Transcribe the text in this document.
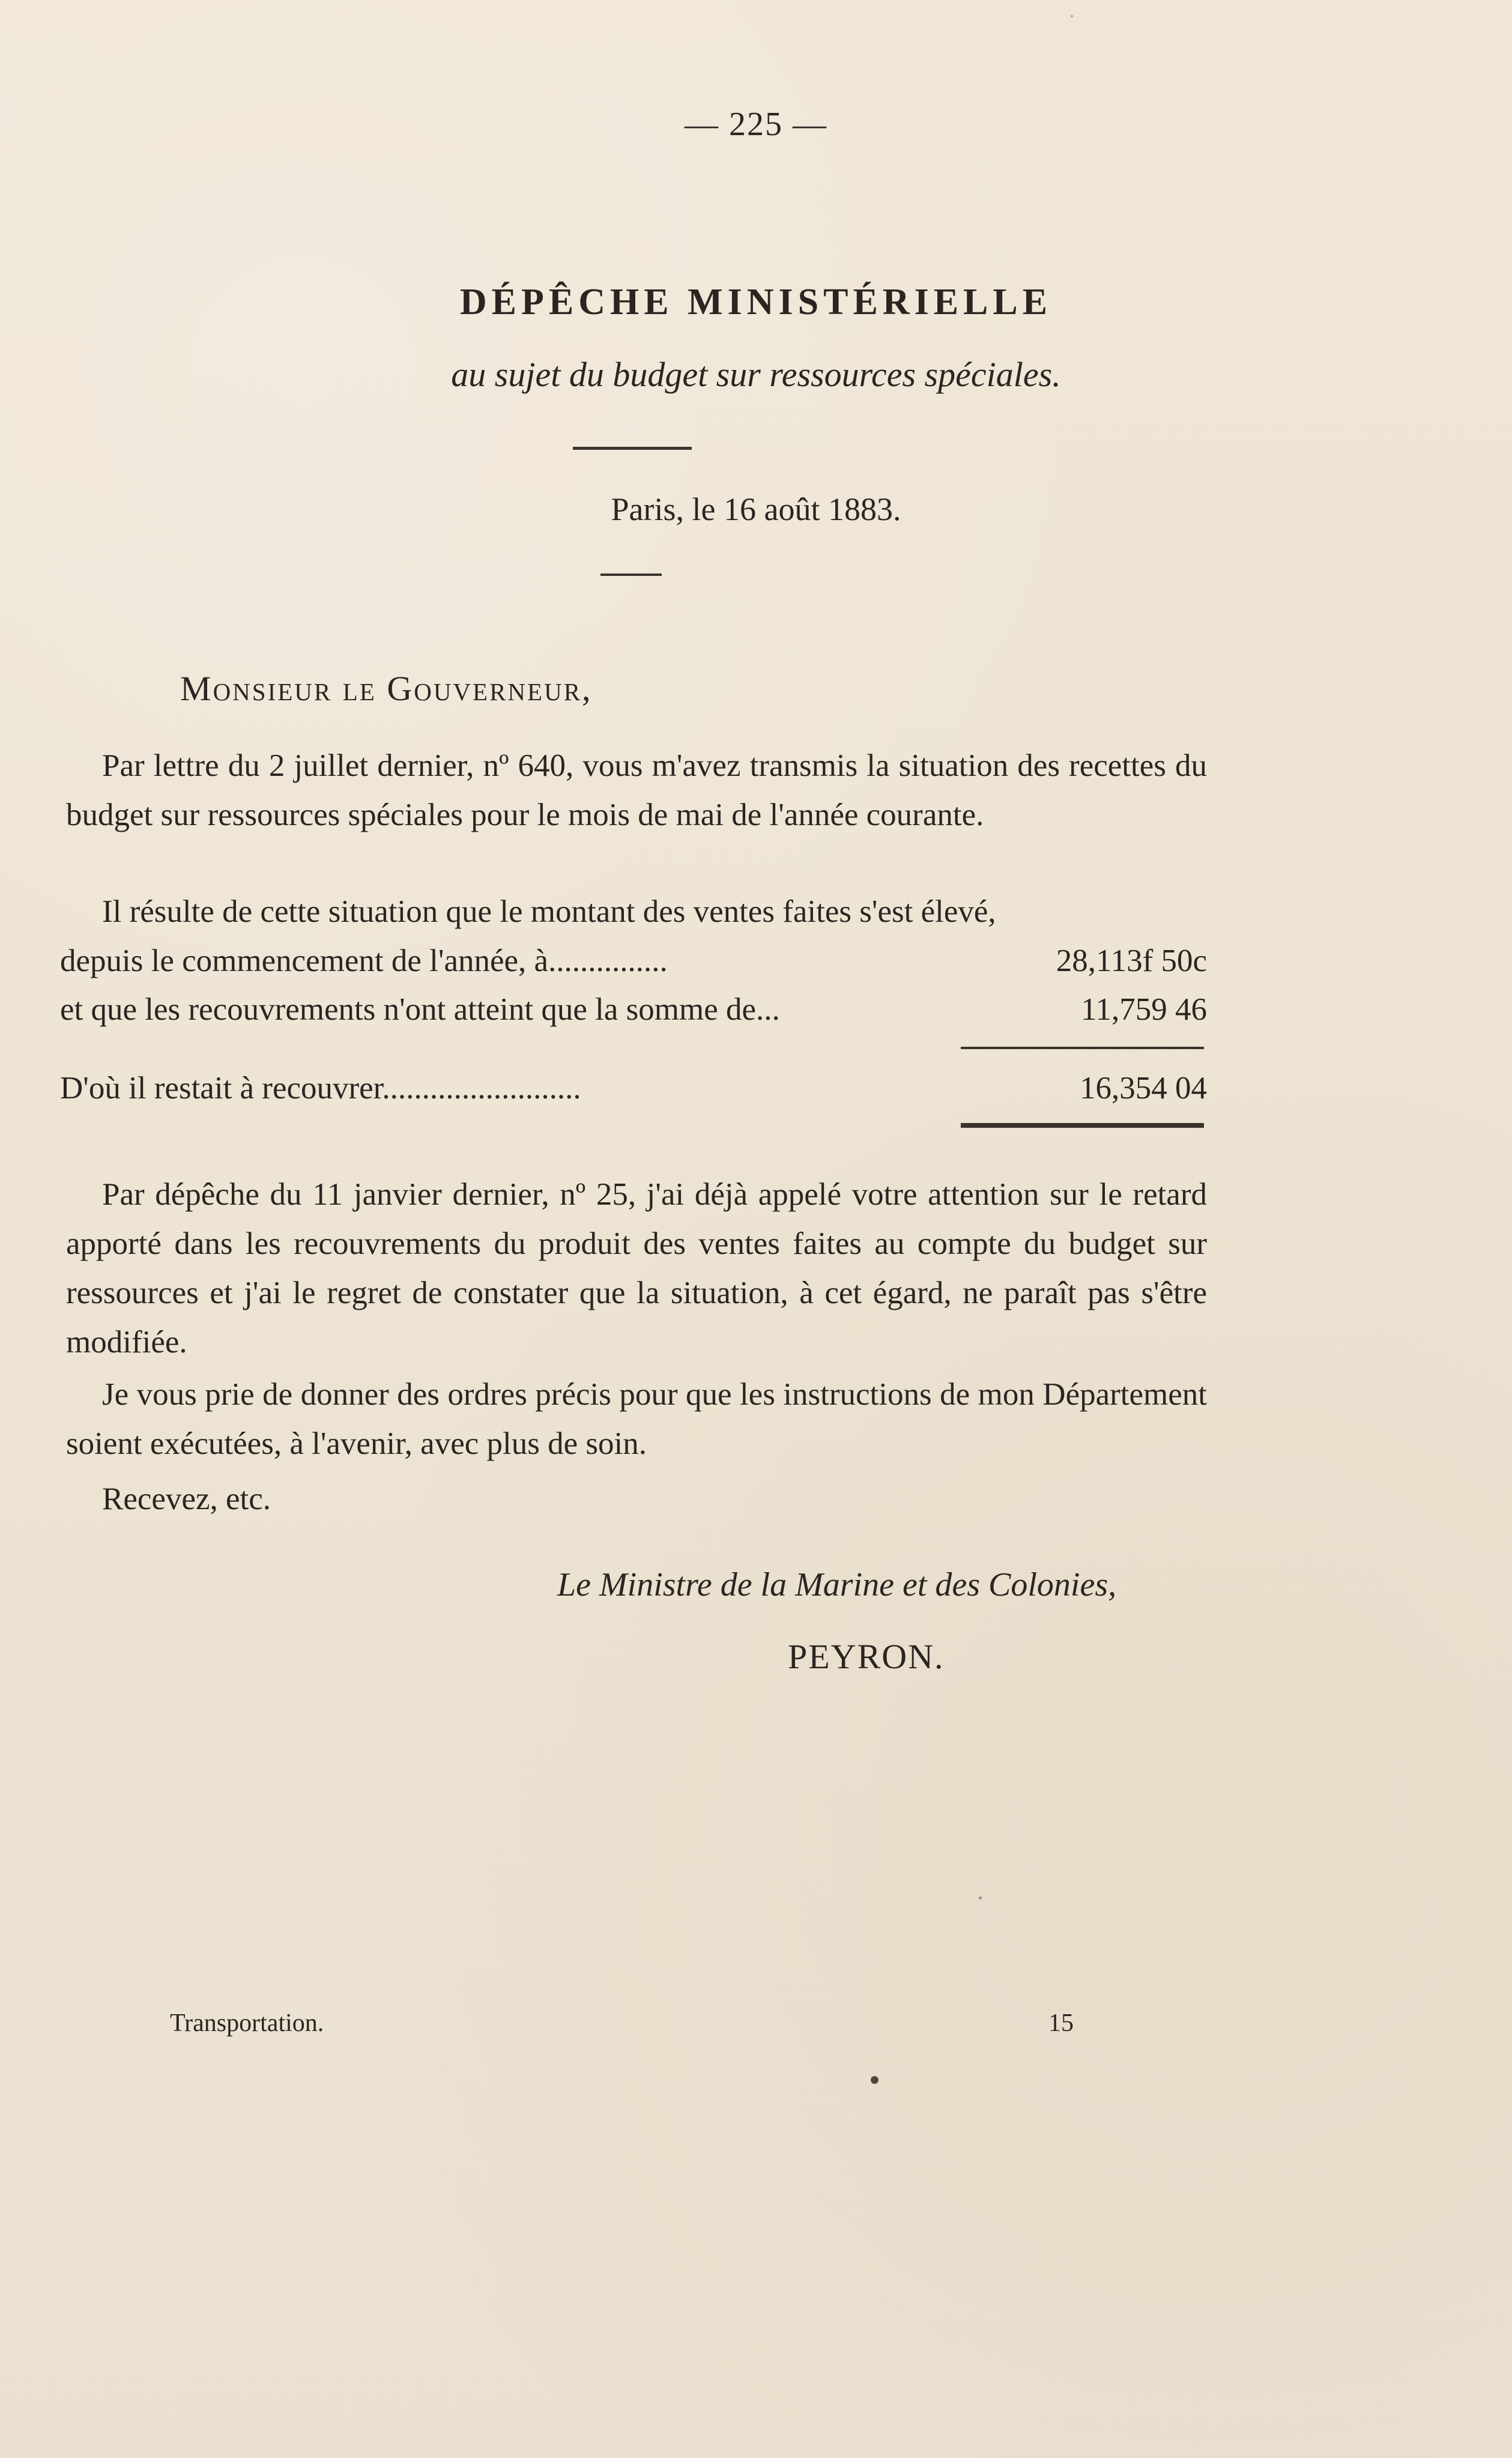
— 225 —
DÉPÊCHE MINISTÉRIELLE
au sujet du budget sur ressources spéciales.
Paris, le 16 août 1883.
Monsieur le Gouverneur,
Par lettre du 2 juillet dernier, nº 640, vous m'avez transmis la situation des recettes du budget sur ressources spéciales pour le mois de mai de l'année courante.
Il résulte de cette situation que le montant des ventes faites s'est élevé,
depuis le commencement de l'année, à...............	28,113f 50c
et que les recouvrements n'ont atteint que la somme de...	11,759 46
D'où il restait à recouvrer.........................	16,354 04
Par dépêche du 11 janvier dernier, nº 25, j'ai déjà appelé votre attention sur le retard apporté dans les recouvrements du produit des ventes faites au compte du budget sur ressources et j'ai le regret de constater que la situation, à cet égard, ne paraît pas s'être modifiée.
Je vous prie de donner des ordres précis pour que les instructions de mon Département soient exécutées, à l'avenir, avec plus de soin.
Recevez, etc.
Le Ministre de la Marine et des Colonies,
PEYRON.
Transportation.	15
